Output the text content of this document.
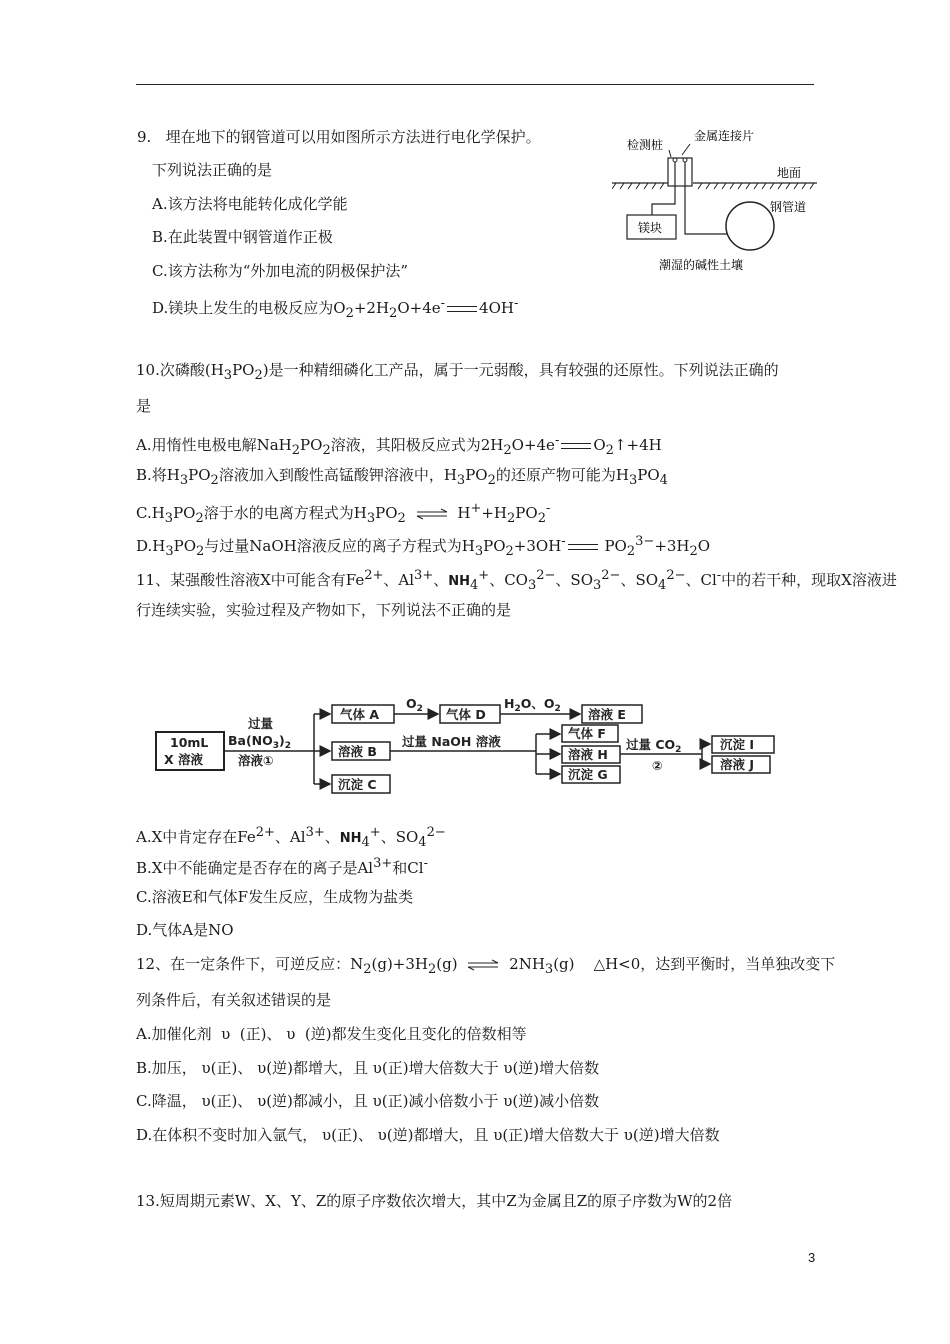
9.   埋在地下的钢管道可以用如图所示方法进行电化学保护。
下列说法正确的是
A.该方法将电能转化成化学能
B.在此装置中钢管道作正极
C.该方法称为“外加电流的阴极保护法”
D.镁块上发生的电极反应为$O_2+2H_2O+4e^-$ 4OH-
检测桩
金属连接片
地面
镁块
钢管道
潮湿的碱性土壤
10.次磷酸$(H_3PO_2)$是一种精细磷化工产品，属于一元弱酸，具有较强的还原性。下列说法正确的
是
A.用惰性电极电解$NaH_2PO_2$溶液，其阳极反应式为$2H_2O+4e^-$ $O_2↑+4H$
B.将$H_3PO_2$溶液加入到酸性高锰酸钾溶液中，$H_3PO_2$的还原产物可能为$H_3PO_4$
$C.H_3PO_2$溶于水的电离方程式为$H_3PO_2$ ⇌ $H^++H_2PO_2^-$
$D.H_3PO_2$与过量NaOH溶液反应的离子方程式为$H_3PO_2+3OH^-$	$PO_2^{3-}+3H_2O$
11、某强酸性溶液X中可能含有$Fe^{2+}$、$Al^{3+}$、$NH_4^+$、$CO_3^{2-}$、$SO_3^{2-}$、$SO_4^{2-}$、Cl-中的若干种，现取X溶液进
行连续实验，实验过程及产物如下，下列说法不正确的是
10mL
X 溶液
过量
$Ba(NO_3)_2$
溶液①
气体 A
$O_2$ 气体 D
$H_2O$、$O_2$ 溶液 E
溶液 B
过量 NaOH 溶液
气体 F
溶液 H
沉淀 G
过量 $CO_2$
②
沉淀 I
溶液 J
沉淀 C
A.X中肯定存在$Fe^{2+}$、$Al^{3+}$、$NH_4^+$、$SO_4^{2-}$
B.X中不能确定是否存在的离子是$Al^{3+}$和Cl-
C.溶液E和气体F发生反应，生成物为盐类
D.气体A是NO
12、在一定条件下，可逆反应：$N_2(g)+3H_2(g)$ ⇌ $2NH_3(g)$    △H<0，达到平衡时，当单独改变下
列条件后，有关叙述错误的是
A.加催化剂  υ  (正)、 υ  (逆)都发生变化且变化的倍数相等
B.加压， υ(正)、 υ(逆)都增大，且 υ(正)增大倍数大于 υ(逆)增大倍数
C.降温， υ(正)、 υ(逆)都减小，且 υ(正)减小倍数小于 υ(逆)减小倍数
D.在体积不变时加入氩气， υ(正)、 υ(逆)都增大，且 υ(正)增大倍数大于 υ(逆)增大倍数
13.短周期元素W、X、Y、Z的原子序数依次增大，其中Z为金属且Z的原子序数为W的2倍
3
